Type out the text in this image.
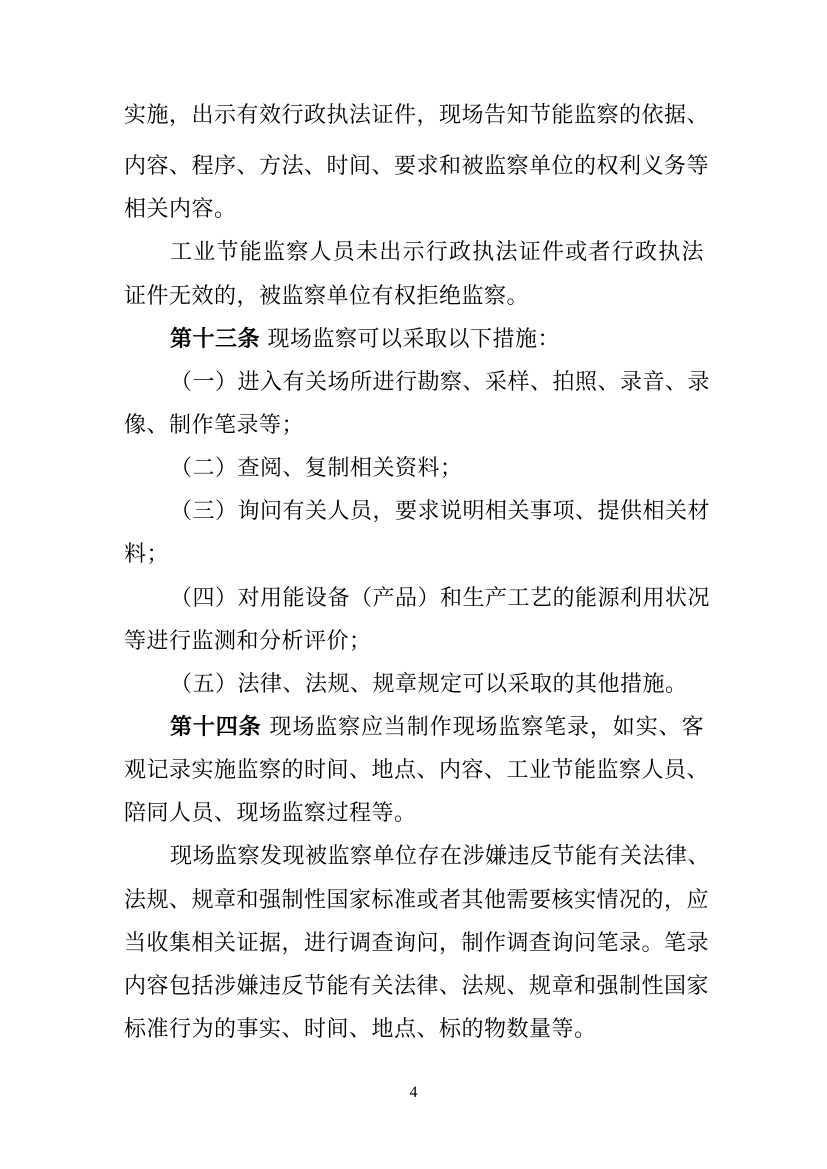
实施，出示有效行政执法证件，现场告知节能监察的依据、
内容、程序、方法、时间、要求和被监察单位的权利义务等
相关内容。
工业节能监察人员未出示行政执法证件或者行政执法
证件无效的，被监察单位有权拒绝监察。
第十三条 现场监察可以采取以下措施：
（一）进入有关场所进行勘察、采样、拍照、录音、录
像、制作笔录等；
（二）查阅、复制相关资料；
（三）询问有关人员，要求说明相关事项、提供相关材
料；
（四）对用能设备（产品）和生产工艺的能源利用状况
等进行监测和分析评价；
（五）法律、法规、规章规定可以采取的其他措施。
第十四条 现场监察应当制作现场监察笔录，如实、客
观记录实施监察的时间、地点、内容、工业节能监察人员、
陪同人员、现场监察过程等。
现场监察发现被监察单位存在涉嫌违反节能有关法律、
法规、规章和强制性国家标准或者其他需要核实情况的，应
当收集相关证据，进行调查询问，制作调查询问笔录。笔录
内容包括涉嫌违反节能有关法律、法规、规章和强制性国家
标准行为的事实、时间、地点、标的物数量等。
4
